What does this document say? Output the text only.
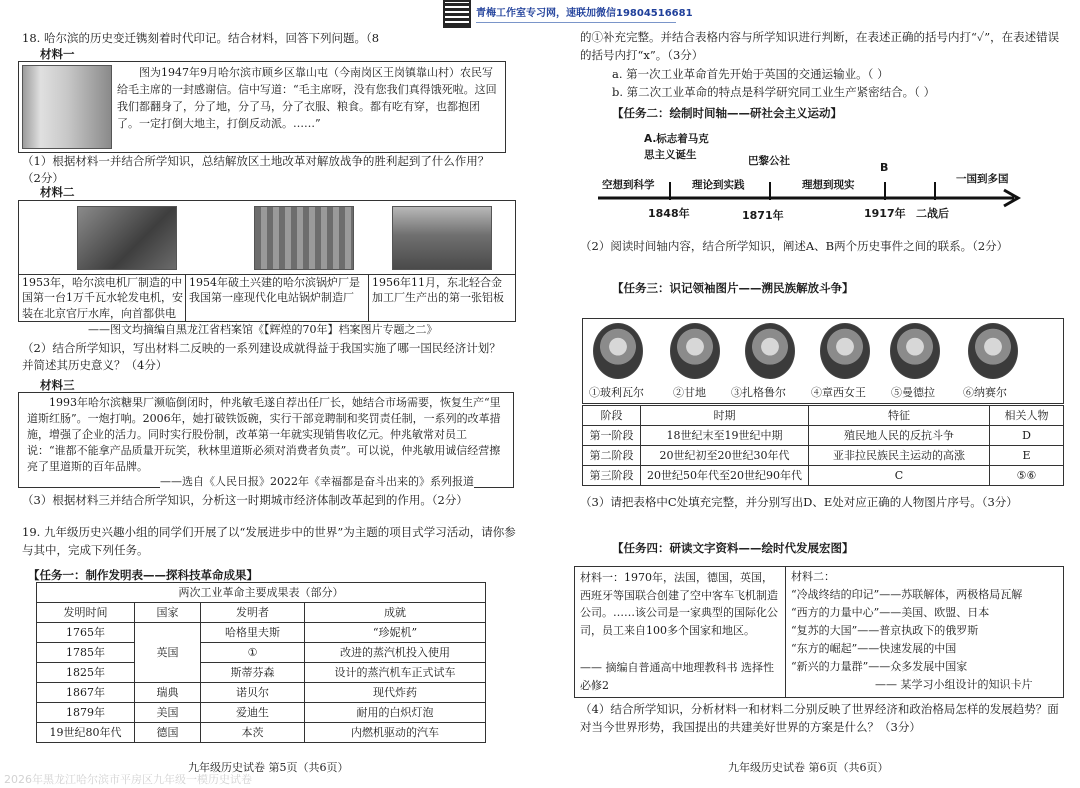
青梅工作室专习网，速联加微信19804516681
18. 哈尔滨的历史变迁镌刻着时代印记。结合材料，回答下列问题。（8
材料一
图为1947年9月哈尔滨市顾乡区靠山屯（今南岗区王岗镇靠山村）农民写给毛主席的一封感谢信。信中写道：“毛主席呀，没有您我们真得饿死啦。这回我们都翻身了，分了地，分了马，分了衣服、粮食。都有吃有穿，也都抱团了。一定打倒大地主，打倒反动派。……”
（1）根据材料一并结合所学知识，总结解放区土地改革对解放战争的胜利起到了什么作用？（2分）
材料二
1953年，哈尔滨电机厂制造的中国第一台1万千瓦水轮发电机，安装在北京官厅水库，向首都供电
1954年破土兴建的哈尔滨锅炉厂是我国第一座现代化电站锅炉制造厂
1956年11月，东北轻合金加工厂生产出的第一张铝板
——图文均摘编自黑龙江省档案馆《【辉煌的70年】档案图片专题之二》
（2）结合所学知识，写出材料二反映的一系列建设成就得益于我国实施了哪一国民经济计划？并简述其历史意义？（4分）
材料三
1993年哈尔滨糖果厂濒临倒闭时，仲兆敏毛遂自荐出任厂长，她结合市场需要，恢复生产“里道斯红肠”。一炮打响。2006年，她打破铁饭碗，实行干部竞聘制和奖罚责任制，一系列的改革措施，增强了企业的活力。同时实行股份制，改革第一年就实现销售收亿元。仲兆敏常对员工说：“谁都不能拿产品质量开玩笑，秋林里道斯必须对消费者负责”。可以说，仲兆敏用诚信经营擦亮了里道斯的百年品牌。
——选自《人民日报》2022年《幸福都是奋斗出来的》系列报道
（3）根据材料三并结合所学知识，分析这一时期城市经济体制改革起到的作用。（2分）
19. 九年级历史兴趣小组的同学们开展了以“发展进步中的世界”为主题的项目式学习活动，请你参与其中，完成下列任务。
【任务一：制作发明表——探科技革命成果】
两次工业革命主要成果表（部分）			
发明时间	国家	发明者	成就
1765年	英国	哈格里夫斯	“珍妮机”
1785年		①	改进的蒸汽机投入使用
1825年		斯蒂芬森	设计的蒸汽机车正式试车
1867年	瑞典	诺贝尔	现代炸药
1879年	美国	爱迪生	耐用的白炽灯泡
19世纪80年代	德国	本茨	内燃机驱动的汽车
九年级历史试卷 第5页（共6页）
2026年黑龙江哈尔滨市平房区九年级一模历史试卷
的①补充完整。并结合表格内容与所学知识进行判断，在表述正确的括号内打“✓”，在表述错误的括号内打“x”。（3分）
a. 第一次工业革命首先开始于英国的交通运输业。（ ）
b. 第二次工业革命的特点是科学研究同工业生产紧密结合。（ ）
【任务二：绘制时间轴——研社会主义运动】
A.标志着马克
思主义诞生
巴黎公社	B
空想到科学	理论到实践	理想到现实	一国到多国
1848年	1871年	1917年 二战后
（2）阅读时间轴内容，结合所学知识，阐述A、B两个历史事件之间的联系。（2分）
【任务三：识记领袖图片——溯民族解放斗争】
①玻利瓦尔	②甘地 ③扎格鲁尔 ④章西女王 ⑤曼德拉	⑥纳赛尔
阶段	时期	特征	相关人物
第一阶段	18世纪末至19世纪中期	殖民地人民的反抗斗争	D
第二阶段	20世纪初至20世纪30年代	亚非拉民族民主运动的高涨	E
第三阶段	20世纪50年代至20世纪90年代	C	⑤⑥
（3）请把表格中C处填充完整，并分别写出D、E处对应正确的人物图片序号。（3分）
【任务四：研读文字资料——绘时代发展宏图】
材料一：1970年，法国，德国，英国，西班牙等国联合创建了空中客车飞机制造公司。……该公司是一家典型的国际化公司，员工来自100多个国家和地区。
—— 摘编自普通高中地理教科书 选择性必修2
材料二：
“冷战终结的印记”——苏联解体，两极格局瓦解
“西方的力量中心”——美国、欧盟、日本
“复苏的大国”——普京执政下的俄罗斯
“东方的崛起”——快速发展的中国
“新兴的力量群”——众多发展中国家
—— 某学习小组设计的知识卡片
（4）结合所学知识，分析材料一和材料二分别反映了世界经济和政治格局怎样的发展趋势？面对当今世界形势，我国提出的共建美好世界的方案是什么？（3分）
九年级历史试卷 第6页（共6页）
